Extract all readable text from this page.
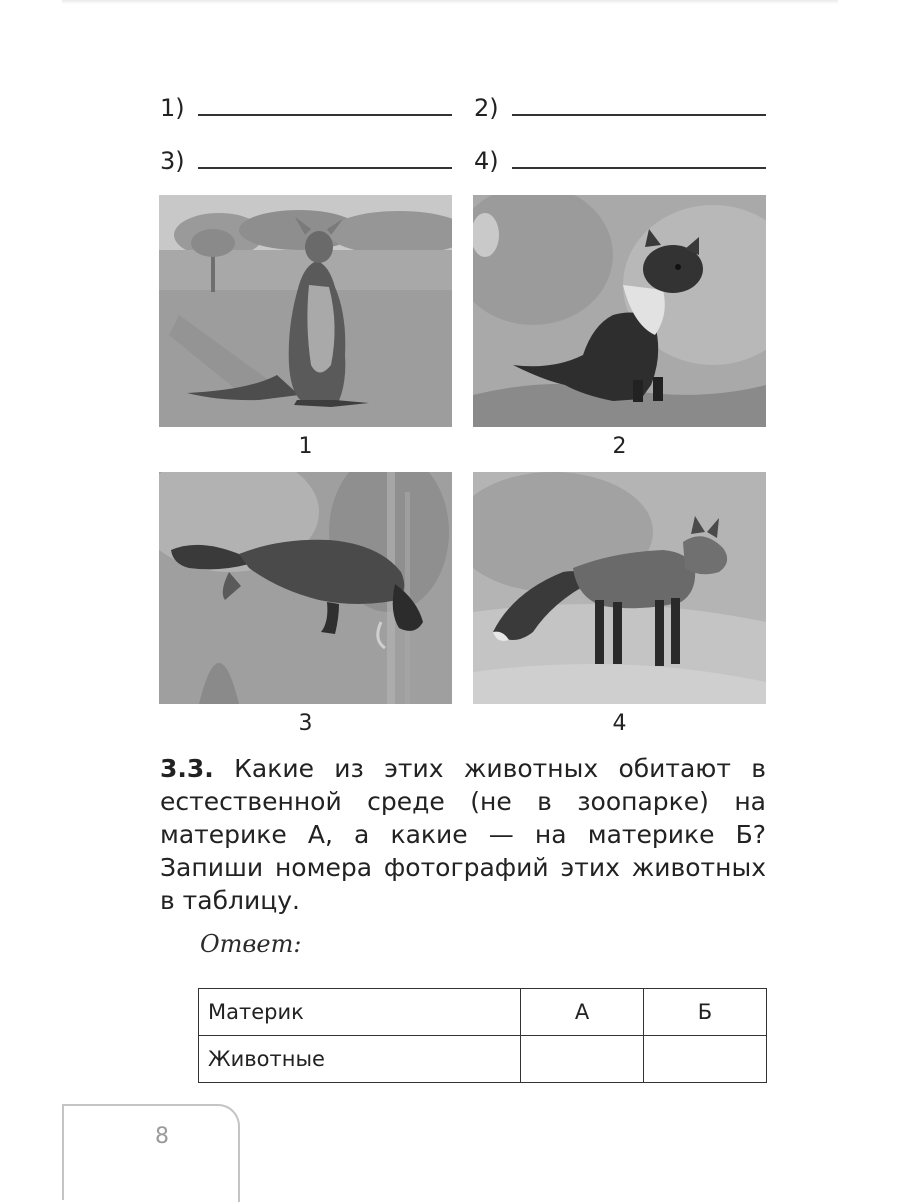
1)	2)
3)	4)
1	2
3	4
3.3. Какие из этих животных обитают в естественной среде (не в зоопарке) на материке А, а какие — на материке Б? Запиши номера фотографий этих животных в таблицу.
Ответ:
Материк	А	Б
Животные		
8
